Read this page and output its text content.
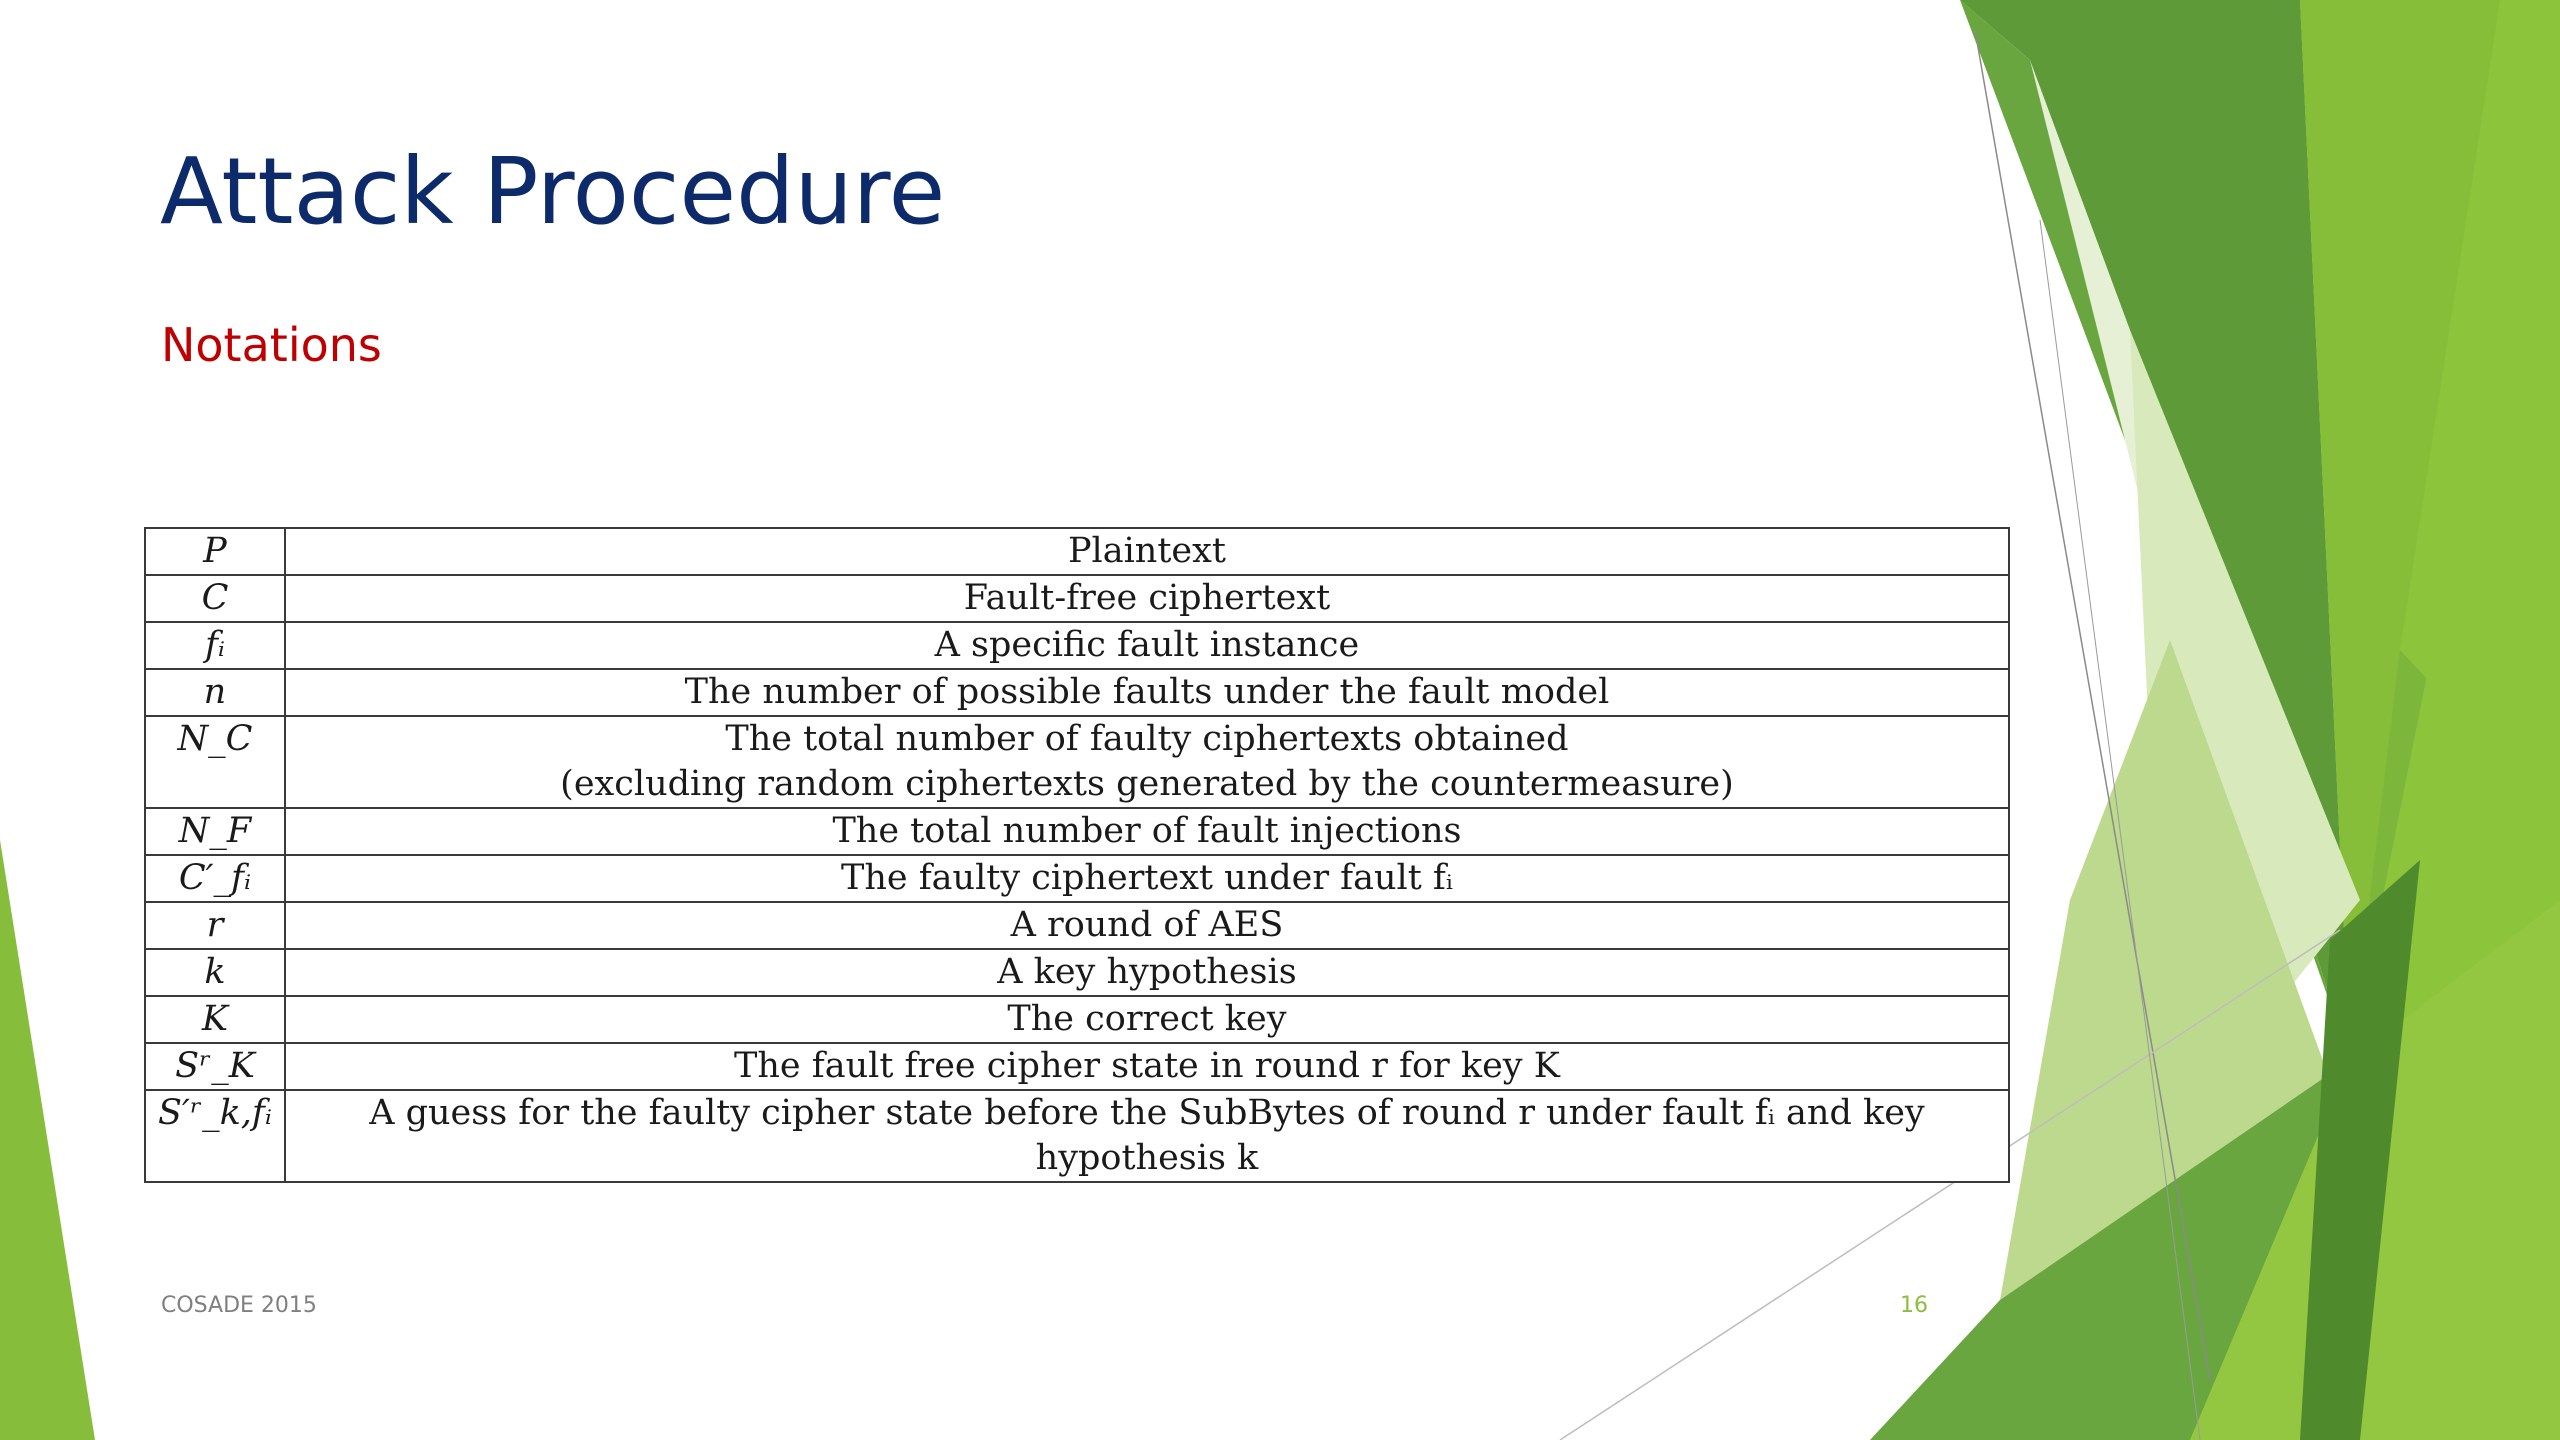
Attack Procedure
Notations
P	Plaintext
C	Fault-free ciphertext
fᵢ	A specific fault instance
n	The number of possible faults under the fault model
N_C	The total number of faulty ciphertexts obtained
(excluding random ciphertexts generated by the countermeasure)

N_F	The total number of fault injections
C′_fᵢ	The faulty ciphertext under fault fᵢ
r	A round of AES
k	A key hypothesis
K	The correct key
Sʳ_K	The fault free cipher state in round r for key K
S′ʳ_k,fᵢ	A guess for the faulty cipher state before the SubBytes of round r under fault fᵢ and key hypothesis k
COSADE 2015	16
